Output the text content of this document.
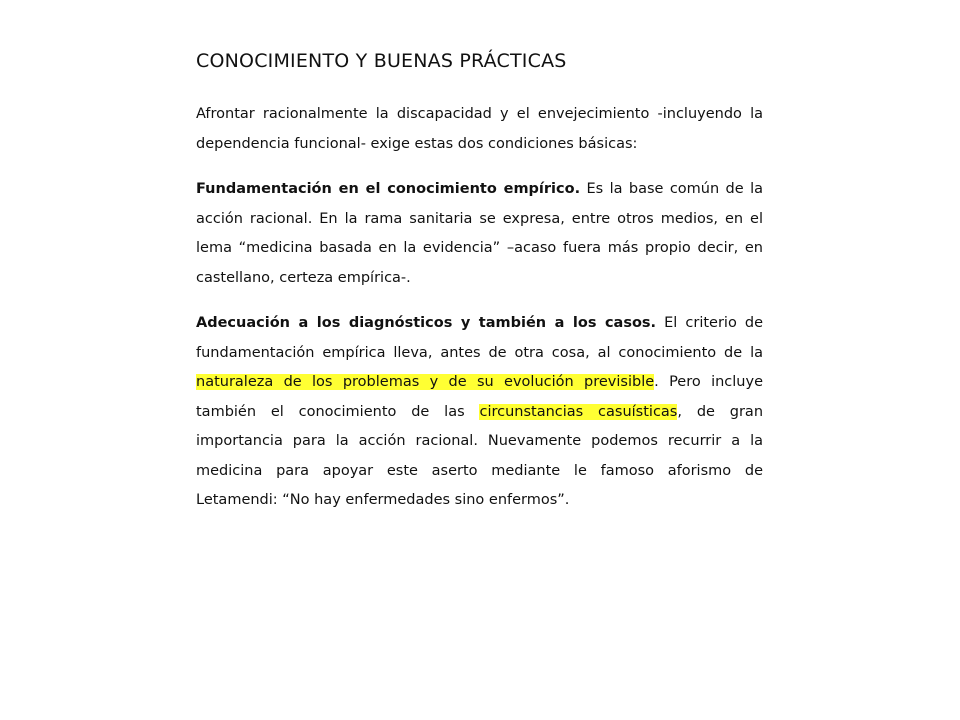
CONOCIMIENTO Y BUENAS PRÁCTICAS

Afrontar racionalmente la discapacidad y el envejecimiento -incluyendo la dependencia funcional- exige estas dos condiciones básicas:

Fundamentación en el conocimiento empírico. Es la base común de la acción racional. En la rama sanitaria se expresa, entre otros medios, en el lema “medicina basada en la evidencia” –acaso fuera más propio decir, en castellano, certeza empírica-.

Adecuación a los diagnósticos y también a los casos. El criterio de fundamentación empírica lleva, antes de otra cosa, al conocimiento de la naturaleza de los problemas y de su evolución previsible. Pero incluye también el conocimiento de las circunstancias casuísticas, de gran importancia para la acción racional. Nuevamente podemos recurrir a la medicina para apoyar este aserto mediante le famoso aforismo de Letamendi: “No hay enfermedades sino enfermos”.
